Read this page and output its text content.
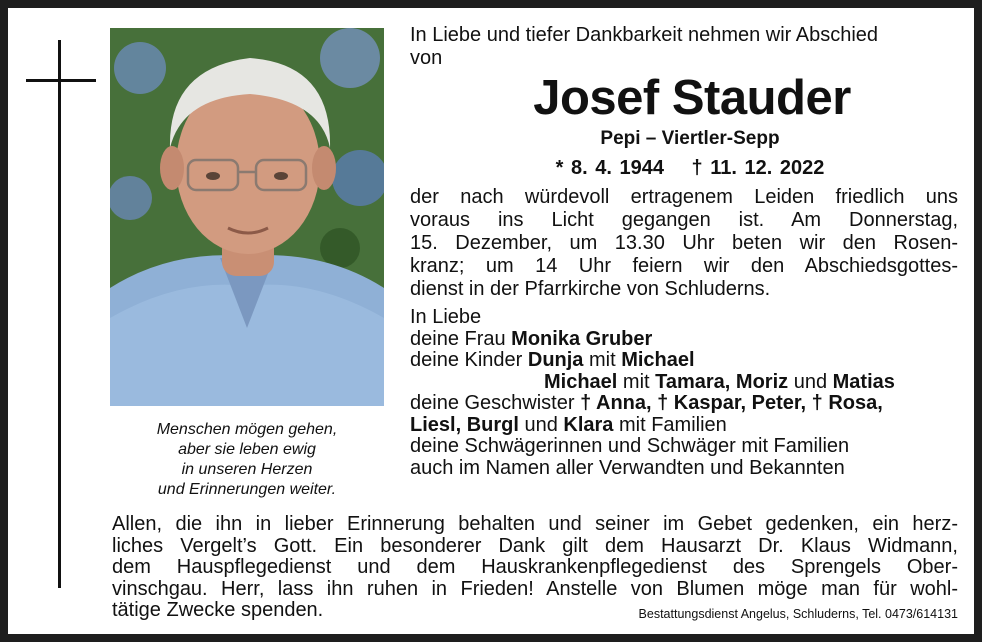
Menschen mögen gehen,
aber sie leben ewig
in unseren Herzen
und Erinnerungen weiter.

In Liebe und tiefer Dankbarkeit nehmen wir Abschied

von

Josef Stauder
Pepi – Viertler-Sepp
* 8. 4. 1944 † 11. 12. 2022
der nach würdevoll ertragenem Leiden friedlich uns
voraus ins Licht gegangen ist. Am Donnerstag,
15. Dezember, um 13.30 Uhr beten wir den Rosen-
kranz; um 14 Uhr feiern wir den Abschiedsgottes-
dienst in der Pfarrkirche von Schluderns.
In Liebe
deine Frau Monika Gruber
deine Kinder Dunja mit Michael
Michael mit Tamara, Moriz und Matias
deine Geschwister † Anna, † Kaspar, Peter, † Rosa,
Liesl, Burgl und Klara mit Familien
deine Schwägerinnen und Schwäger mit Familien
auch im Namen aller Verwandten und Bekannten
Allen, die ihn in lieber Erinnerung behalten und seiner im Gebet gedenken, ein herz-
liches Vergelt’s Gott. Ein besonderer Dank gilt dem Hausarzt Dr. Klaus Widmann,
dem Hauspflegedienst und dem Hauskrankenpflegedienst des Sprengels Ober-
vinschgau. Herr, lass ihn ruhen in Frieden! Anstelle von Blumen möge man für wohl-
tätige Zwecke spenden.	Bestattungsdienst Angelus, Schluderns, Tel. 0473/614131
